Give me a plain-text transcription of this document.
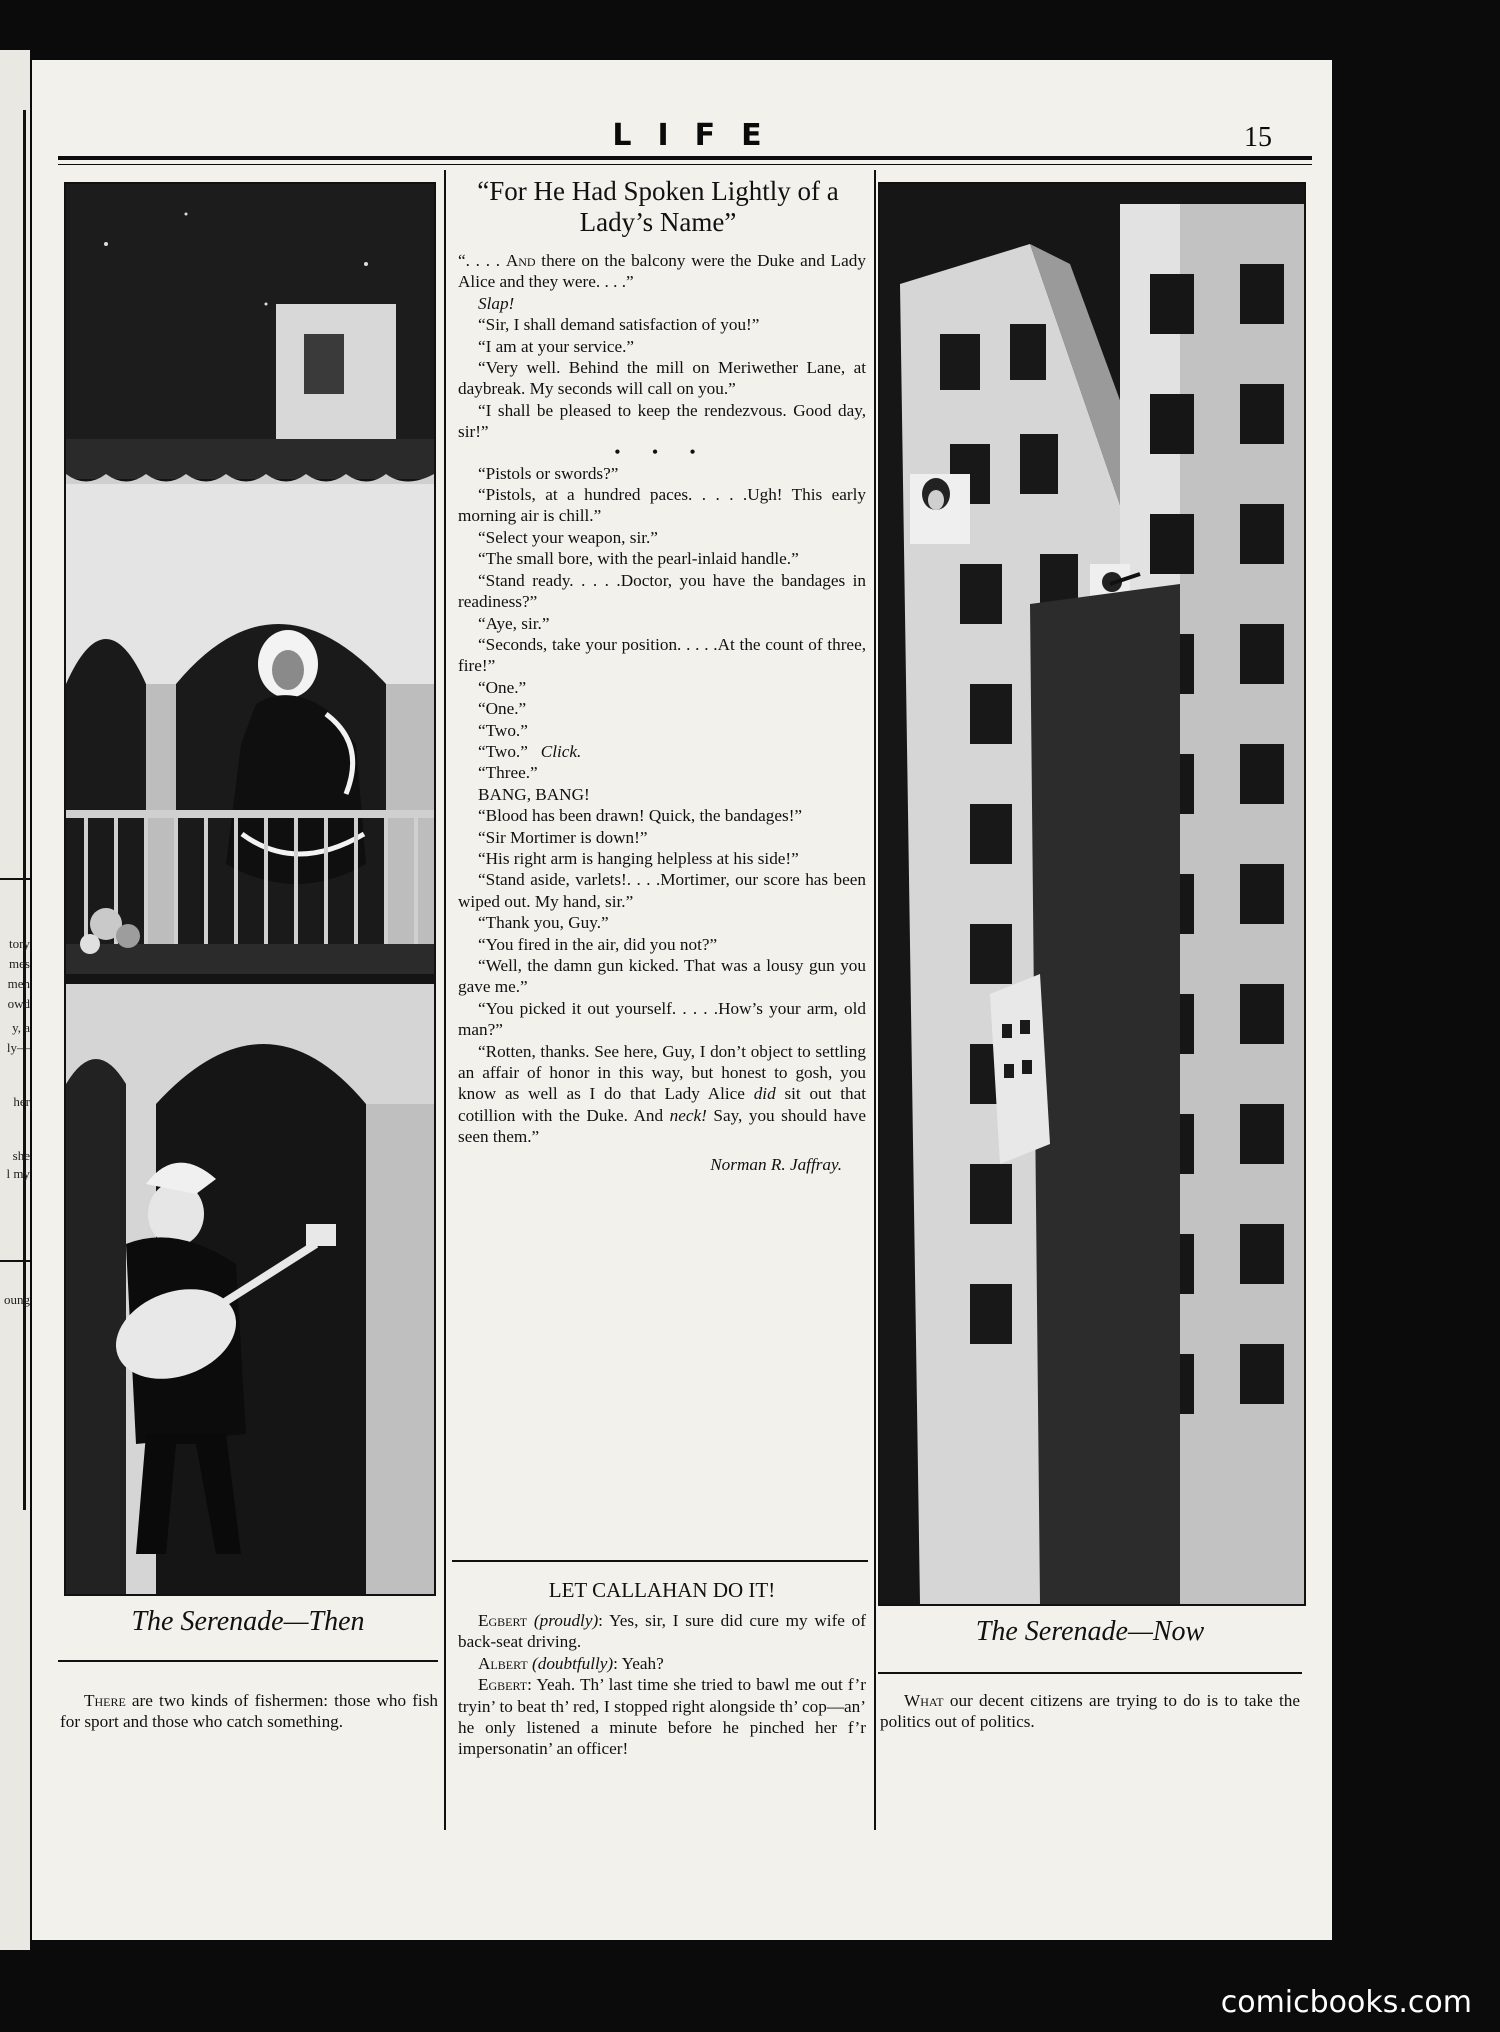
tory
mes
men
owd
y, a
ly—
her
she
l my
oung
LIFE	15
The Serenade—Then
There are two kinds of fishermen: those who fish for sport and those who catch something.
“For He Had Spoken Lightly of a Lady’s Name”

“. . . . And there on the balcony were the Duke and Lady Alice and they were. . . .”

Slap!

“Sir, I shall demand satisfaction of you!”

“I am at your service.”

“Very well. Behind the mill on Meriwether Lane, at daybreak. My seconds will call on you.”

“I shall be pleased to keep the rendezvous. Good day, sir!”

• • •

“Pistols or swords?”

“Pistols, at a hundred paces. . . . .Ugh! This early morning air is chill.”

“Select your weapon, sir.”

“The small bore, with the pearl-inlaid handle.”

“Stand ready. . . . .Doctor, you have the bandages in readiness?”

“Aye, sir.”

“Seconds, take your position. . . . .At the count of three, fire!”

“One.”

“One.”

“Two.”

“Two.” Click.

“Three.”

BANG, BANG!

“Blood has been drawn! Quick, the bandages!”

“Sir Mortimer is down!”

“His right arm is hanging helpless at his side!”

“Stand aside, varlets!. . . .Mortimer, our score has been wiped out. My hand, sir.”

“Thank you, Guy.”

“You fired in the air, did you not?”

“Well, the damn gun kicked. That was a lousy gun you gave me.”

“You picked it out yourself. . . . .How’s your arm, old man?”

“Rotten, thanks. See here, Guy, I don’t object to settling an affair of honor in this way, but honest to gosh, you know as well as I do that Lady Alice did sit out that cotillion with the Duke. And neck! Say, you should have seen them.”

Norman R. Jaffray.

LET CALLAHAN DO IT!

Egbert (proudly): Yes, sir, I sure did cure my wife of back-seat driving.

Albert (doubtfully): Yeah?

Egbert: Yeah. Th’ last time she tried to bawl me out f’r tryin’ to beat th’ red, I stopped right alongside th’ cop—an’ he only listened a minute before he pinched her f’r impersonatin’ an officer!

The Serenade—Now
What our decent citizens are trying to do is to take the politics out of politics.
comicbooks.com
